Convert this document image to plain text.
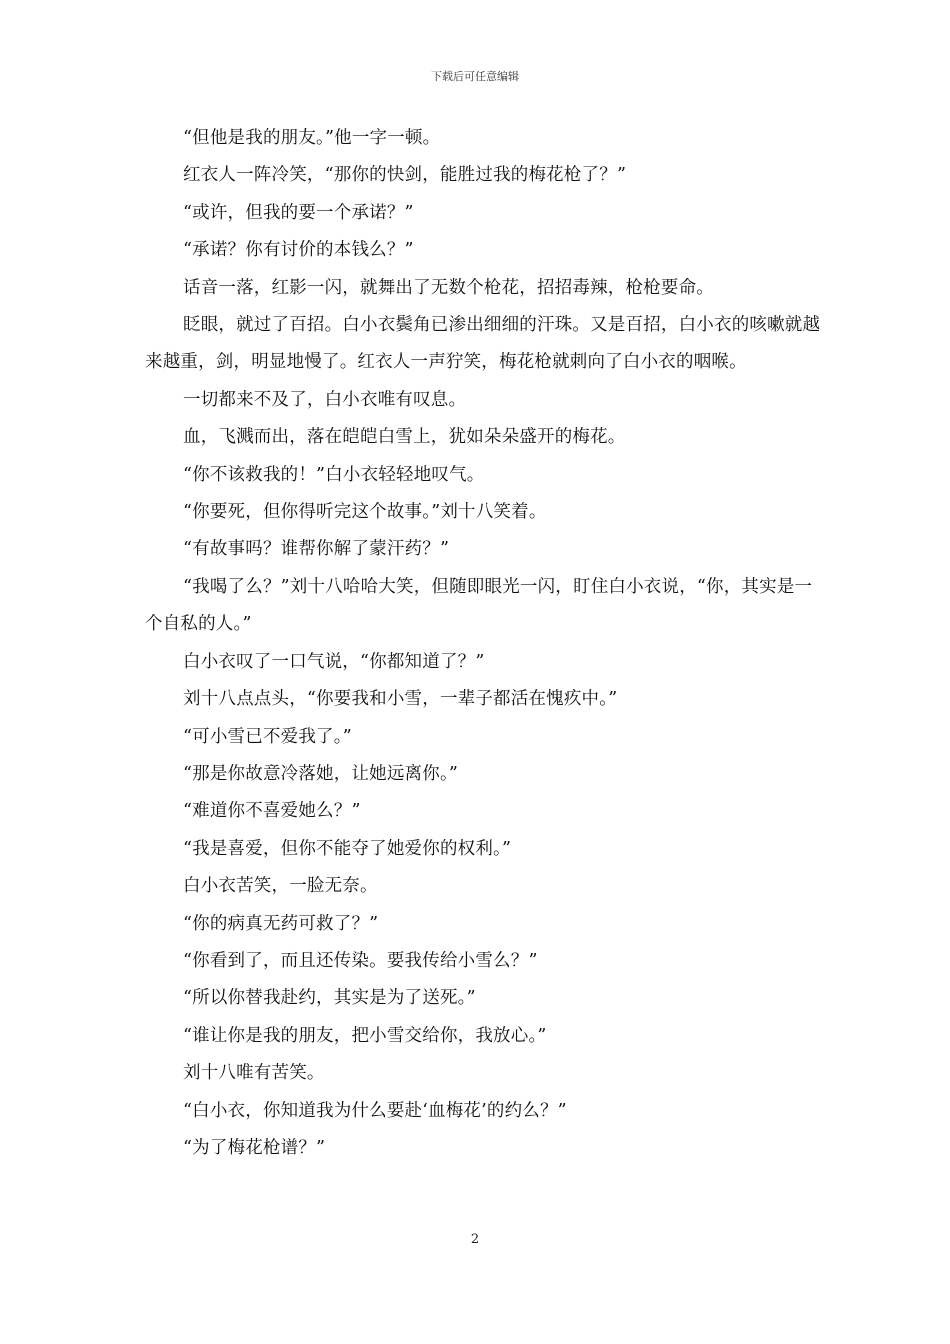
下载后可任意编辑

“但他是我的朋友。”他一字一顿。

红衣人一阵冷笑，“那你的快剑，能胜过我的梅花枪了？”

“或许，但我的要一个承诺？”

“承诺？你有讨价的本钱么？”

话音一落，红影一闪，就舞出了无数个枪花，招招毒辣，枪枪要命。

眨眼，就过了百招。白小衣鬓角已渗出细细的汗珠。又是百招，白小衣的咳嗽就越来越重，剑，明显地慢了。红衣人一声狞笑，梅花枪就刺向了白小衣的咽喉。

一切都来不及了，白小衣唯有叹息。

血，飞溅而出，落在皑皑白雪上，犹如朵朵盛开的梅花。

“你不该救我的！”白小衣轻轻地叹气。

“你要死，但你得听完这个故事。”刘十八笑着。

“有故事吗？谁帮你解了蒙汗药？”

“我喝了么？”刘十八哈哈大笑，但随即眼光一闪，盯住白小衣说，“你，其实是一个自私的人。”

白小衣叹了一口气说，“你都知道了？”

刘十八点点头，“你要我和小雪，一辈子都活在愧疚中。”

“可小雪已不爱我了。”

“那是你故意冷落她，让她远离你。”

“难道你不喜爱她么？”

“我是喜爱，但你不能夺了她爱你的权利。”

白小衣苦笑，一脸无奈。

“你的病真无药可救了？”

“你看到了，而且还传染。要我传给小雪么？”

“所以你替我赴约，其实是为了送死。”

“谁让你是我的朋友，把小雪交给你，我放心。”

刘十八唯有苦笑。

“白小衣，你知道我为什么要赴‘血梅花’的约么？”

“为了梅花枪谱？”

2
